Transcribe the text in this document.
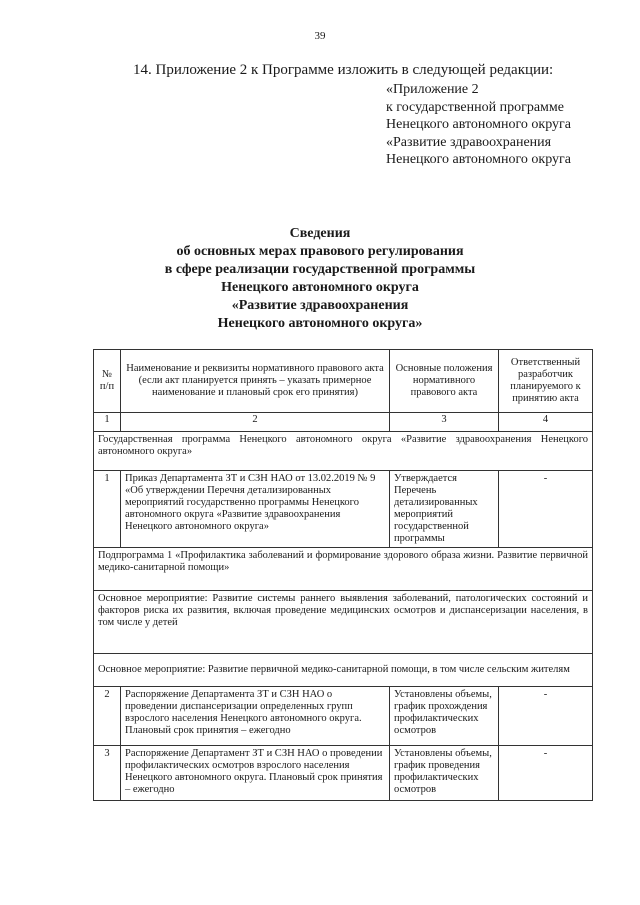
39
14. Приложение 2 к Программе изложить в следующей редакции:
«Приложение 2
к государственной программе
Ненецкого автономного округа
«Развитие здравоохранения
Ненецкого автономного округа
Сведения
об основных мерах правового регулирования
в сфере реализации государственной программы
Ненецкого автономного округа
«Развитие здравоохранения
Ненецкого автономного округа»
№ п/п	Наименование и реквизиты нормативного правового акта (если акт планируется принять – указать примерное наименование и плановый срок его принятия)	Основные положения нормативного правового акта	Ответственный разработчик планируемого к принятию акта
1	2	3	4
Государственная программа Ненецкого автономного округа «Развитие здравоохранения Ненецкого автономного округа»			
1	Приказ Департамента ЗТ и СЗН НАО от 13.02.2019 № 9 «Об утверждении Перечня детализированных мероприятий государственно программы Ненецкого автономного округа «Развитие здравоохранения Ненецкого автономного округа»	Утверждается Перечень детализированных мероприятий государственной программы	-
Подпрограмма 1 «Профилактика заболеваний и формирование здорового образа жизни. Развитие первичной медико-санитарной помощи»			
Основное мероприятие: Развитие системы раннего выявления заболеваний, патологических состояний и факторов риска их развития, включая проведение медицинских осмотров и диспансеризации населения, в том числе у детей			
Основное мероприятие: Развитие первичной медико-санитарной помощи, в том числе сельским жителям			
2	Распоряжение Департамента ЗТ и СЗН НАО о проведении диспансеризации определенных групп взрослого населения Ненецкого автономного округа. Плановый срок принятия – ежегодно	Установлены объемы, график прохождения профилактических осмотров	-
3	Распоряжение Департамент ЗТ и СЗН НАО о проведении профилактических осмотров взрослого населения Ненецкого автономного округа. Плановый срок принятия – ежегодно	Установлены объемы, график проведения профилактических осмотров	-
